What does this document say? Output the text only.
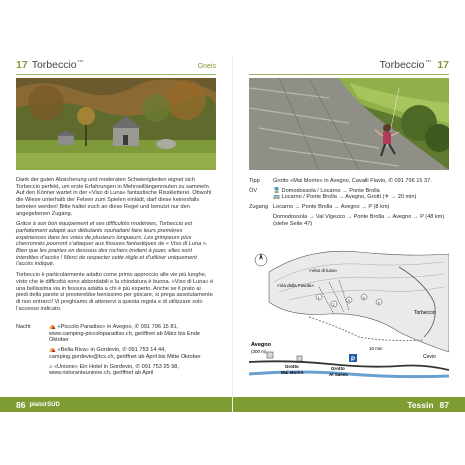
17 Torbeccio***
Gneis

Dank der guten Absicherung und moderaten Schwierigkeiten eignet sich Torbeccio perfekt, um erste Erfahrungen in Mehrseillängenrouten zu sammeln. Auf den Könner wartet in der «Viso di Luna» fantastische Risskletterei. Obwohl die Wiese unterhalb der Felsen zum Spielen einlädt, darf diese keinesfalls betreten werden! Bitte haltet euch an diese Regel und benutzt nur den angegebenen Zugang.

Grâce à son bon équipement et ses difficultés modérées, Torbeccio est parfaitement adapté aux débutants souhaitant faire leurs premières expériences dans les voies de plusieurs longueurs. Les grimpeurs plus chevronnés pourront s’attaquer aux fissures fantastiques de « Viso di Luna ». Bien que les prairies en dessous des rochers invitent à jouer, elles sont interdites d’accès ! Merci de respecter cette règle et d’utiliser uniquement l’accès indiqué.

Torbeccio è particolarmente adatto come primo approccio alle vie più lunghe, visto che le difficoltà sono abbordabili e la chiodatura è buona. «Viso di Luna» è una bellissima via in fessura adatta a chi è più esperto. Anche se il prato ai piedi della parete si presterebbe benissimo per giocare, si prega assolutamente di non entrarci! Vi preghiamo di attenervi a questa regola e di utilizzare solo l’accesso indicato.

Nacht	⛺ «Piccolo Paradiso» in Avegno, ✆ 091 796 15 81, www.camping-piccoloparadiso.ch, geöffnet ab März bis Ende Oktober
⛺ «Bella Riva» in Gordevio, ✆ 091 753 14 44, camping.gordevio@tcs.ch, geöffnet ab April bis Mitte Oktober
⌂ «Unione» Ein Hotel in Gordevio, ✆ 091 753 25 98, www.ristoranteunione.ch, geöffnet ab April
86 plaisirSUD
Torbeccio*** 17
Tipp	Grotto «Mai Morire» in Avegno, Cavalli Flavio, ✆ 091 796 15 37.
ÖV	🚆 Domodossola / Locarno → Ponte Brolla
🚌 Locarno / Ponte Brolla → Avegno, Grotti (✈ → 20 min)
Zugang Locarno → Ponte Brolla → Avegno → P (8 km)
Domodossola → Val Vigezzo → Ponte Brolla → Avegno → P (48 km) (siehe Seite 47)
P
1
2
3
4
5
«Via della Favola»
«Viso di luna»
Torbeccio
10 min
Avegno
(300 m)
Grotto
Mai Morire
Grotto
Al Sasso
Cevio
Tessin 87
